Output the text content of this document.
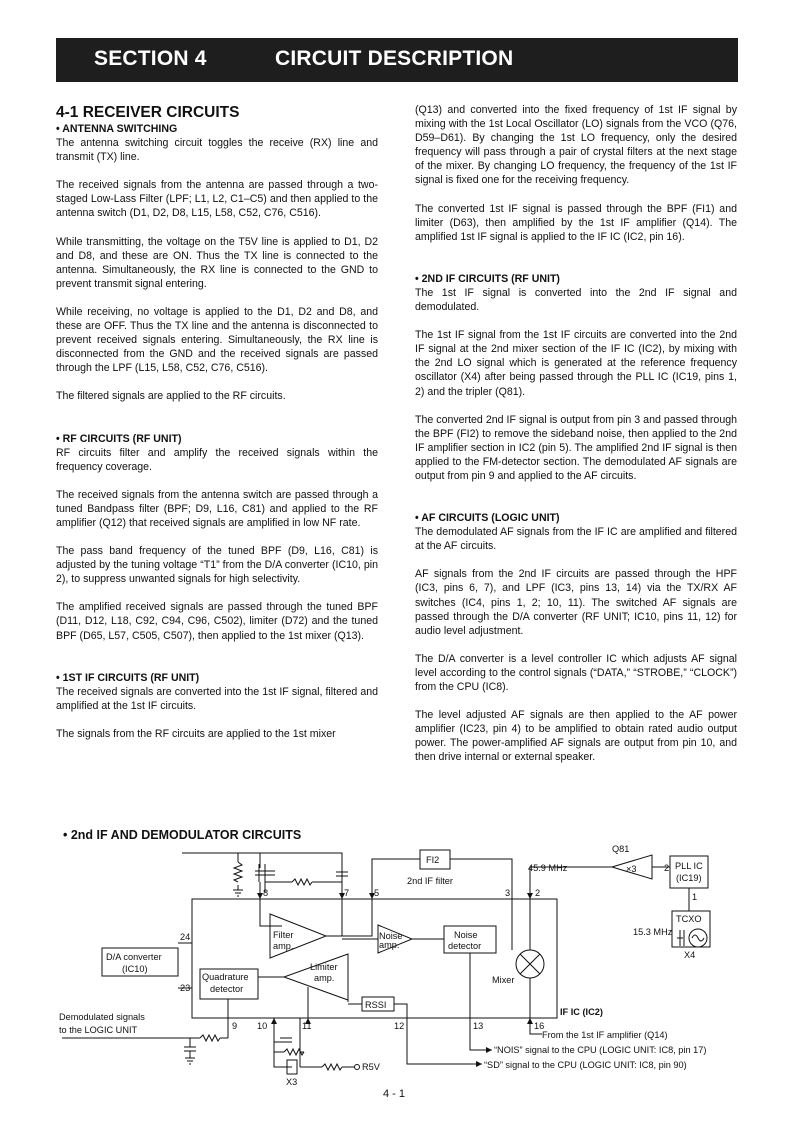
SECTION 4	CIRCUIT DESCRIPTION
4-1 RECEIVER CIRCUITS
• ANTENNA SWITCHING

The antenna switching circuit toggles the receive (RX) line and transmit (TX) line.

The received signals from the antenna are passed through a two-staged Low-Lass Filter (LPF; L1, L2, C1–C5) and then applied to the antenna switch (D1, D2, D8, L15, L58, C52, C76, C516).

While transmitting, the voltage on the T5V line is applied to D1, D2 and D8, and these are ON. Thus the TX line is connected to the antenna. Simultaneously, the RX line is connected to the GND to prevent transmit signal entering.

While receiving, no voltage is applied to the D1, D2 and D8, and these are OFF. Thus the TX line and the antenna is disconnected to prevent received signals entering. Simultaneously, the RX line is disconnected from the GND and the received signals are passed through the LPF (L15, L58, C52, C76, C516).

The filtered signals are applied to the RF circuits.

• RF CIRCUITS (RF UNIT)

RF circuits filter and amplify the received signals within the frequency coverage.

The received signals from the antenna switch are passed through a tuned Bandpass filter (BPF; D9, L16, C81) and applied to the RF amplifier (Q12) that received signals are amplified in low NF rate.

The pass band frequency of the tuned BPF (D9, L16, C81) is adjusted by the tuning voltage “T1” from the D/A converter (IC10, pin 2), to suppress unwanted signals for high selectivity.

The amplified received signals are passed through the tuned BPF (D11, D12, L18, C92, C94, C96, C502), limiter (D72) and the tuned BPF (D65, L57, C505, C507), then applied to the 1st mixer (Q13).

• 1ST IF CIRCUITS (RF UNIT)

The received signals are converted into the 1st IF signal, filtered and amplified at the 1st IF circuits.

The signals from the RF circuits are applied to the 1st mixer

(Q13) and converted into the fixed frequency of 1st IF signal by mixing with the 1st Local Oscillator (LO) signals from the VCO (Q76, D59–D61). By changing the 1st LO frequency, only the desired frequency will pass through a pair of crystal filters at the next stage of the mixer. By changing LO frequency, the frequency of the 1st IF signal is fixed one for the receiving frequency.

The converted 1st IF signal is passed through the BPF (FI1) and limiter (D63), then amplified by the 1st IF amplifier (Q14). The amplified 1st IF signal is applied to the IF IC (IC2, pin 16).

• 2ND IF CIRCUITS (RF UNIT)

The 1st IF signal is converted into the 2nd IF signal and demodulated.

The 1st IF signal from the 1st IF circuits are converted into the 2nd IF signal at the 2nd mixer section of the IF IC (IC2), by mixing with the 2nd LO signal which is generated at the reference frequency oscillator (X4) after being passed through the PLL IC (IC19, pins 1, 2) and the tripler (Q81).

The converted 2nd IF signal is output from pin 3 and passed through the BPF (FI2) to remove the sideband noise, then applied to the 2nd IF amplifier section in IC2 (pin 5). The amplified 2nd IF signal is then applied to the FM-detector section. The demodulated AF signals are output from pin 9 and applied to the AF circuits.

• AF CIRCUITS (LOGIC UNIT)

The demodulated AF signals from the IF IC are amplified and filtered at the AF circuits.

AF signals from the 2nd IF circuits are passed through the HPF (IC3, pins 6, 7), and LPF (IC3, pins 13, 14) via the TX/RX AF switches (IC4, pins 1, 2; 10, 11). The switched AF signals are passed through the D/A converter (RF UNIT; IC10, pins 11, 12) for audio level adjustment.

The D/A converter is a level controller IC which adjusts AF signal level according to the control signals (“DATA,” “STROBE,” “CLOCK”) from the CPU (IC8).

The level adjusted AF signals are then applied to the AF power amplifier (IC23, pin 4) to be amplified to obtain rated audio output power. The power-amplified AF signals are output from pin 10, and then drive internal or external speaker.

• 2nd IF AND DEMODULATOR CIRCUITS
FI2
2nd IF filter
45.9 MHz
Q81
×3	PLL IC
(IC19)
TCXO
15.3 MHz
X4
Filter
amp.
Noise
amp.
Noise
detector
Limiter
amp.
Quadrature
detector
RSSI
Mixer
IF IC (IC2)
D/A converter
(IC10)
Demodulated signals
to the LOGIC UNIT	From the 1st IF amplifier (Q14)
“NOIS” signal to the CPU (LOGIC UNIT: IC8, pin 17)
“SD” signal to the CPU (LOGIC UNIT: IC8, pin 90)
R5V
X3
1
2
2
3
5
7
8
9 10	11	12	13	16
23
24
4 - 1
